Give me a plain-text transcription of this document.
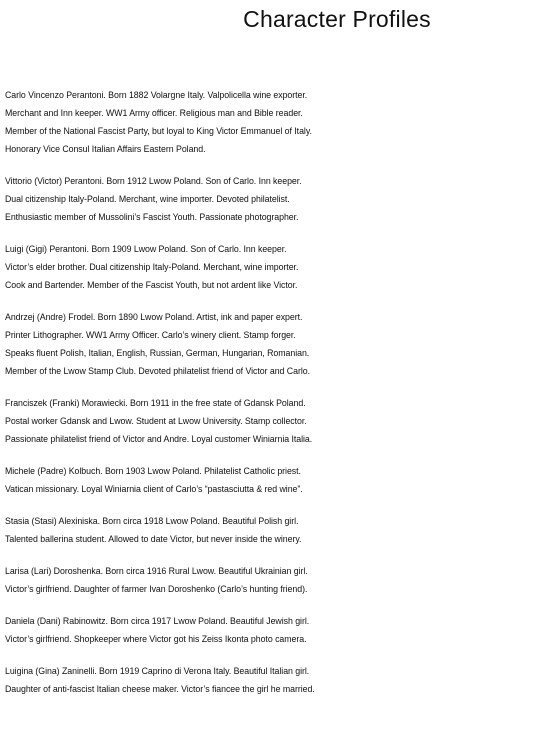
Character Profiles
Carlo Vincenzo Perantoni. Born 1882 Volargne Italy. Valpolicella wine exporter.
Merchant and Inn keeper. WW1 Army officer. Religious man and Bible reader.
Member of the National Fascist Party, but loyal to King Victor Emmanuel of Italy.
Honorary Vice Consul Italian Affairs Eastern Poland.
Vittorio (Victor) Perantoni. Born 1912 Lwow Poland. Son of Carlo. Inn keeper.
Dual citizenship Italy-Poland. Merchant, wine importer. Devoted philatelist.
Enthusiastic member of Mussolini’s Fascist Youth. Passionate photographer.
Luigi (Gigi) Perantoni. Born 1909 Lwow Poland. Son of Carlo. Inn keeper.
Victor’s elder brother. Dual citizenship Italy-Poland. Merchant, wine importer.
Cook and Bartender. Member of the Fascist Youth, but not ardent like Victor.
Andrzej (Andre) Frodel. Born 1890 Lwow Poland. Artist, ink and paper expert.
Printer Lithographer. WW1 Army Officer. Carlo’s winery client. Stamp forger.
Speaks fluent Polish, Italian, English, Russian, German, Hungarian, Romanian.
Member of the Lwow Stamp Club. Devoted philatelist friend of Victor and Carlo.
Franciszek (Franki) Morawiecki. Born 1911 in the free state of Gdansk Poland.
Postal worker Gdansk and Lwow. Student at Lwow University. Stamp collector.
Passionate philatelist friend of Victor and Andre. Loyal customer Winiarnia Italia.
Michele (Padre) Kolbuch. Born 1903 Lwow Poland. Philatelist Catholic priest.
Vatican missionary. Loyal Winiarnia client of Carlo’s “pastasciutta & red wine”.
Stasia (Stasi) Alexiniska. Born circa 1918 Lwow Poland. Beautiful Polish girl.
Talented ballerina student. Allowed to date Victor, but never inside the winery.
Larisa (Lari) Doroshenka. Born circa 1916 Rural Lwow. Beautiful Ukrainian girl.
Victor’s girlfriend. Daughter of farmer Ivan Doroshenko (Carlo’s hunting friend).
Daniela (Dani) Rabinowitz. Born circa 1917 Lwow Poland. Beautiful Jewish girl.
Victor’s girlfriend. Shopkeeper where Victor got his Zeiss Ikonta photo camera.
Luigina (Gina) Zaninelli. Born 1919 Caprino di Verona Italy. Beautiful Italian girl.
Daughter of anti-fascist Italian cheese maker. Victor’s fiancee the girl he married.
